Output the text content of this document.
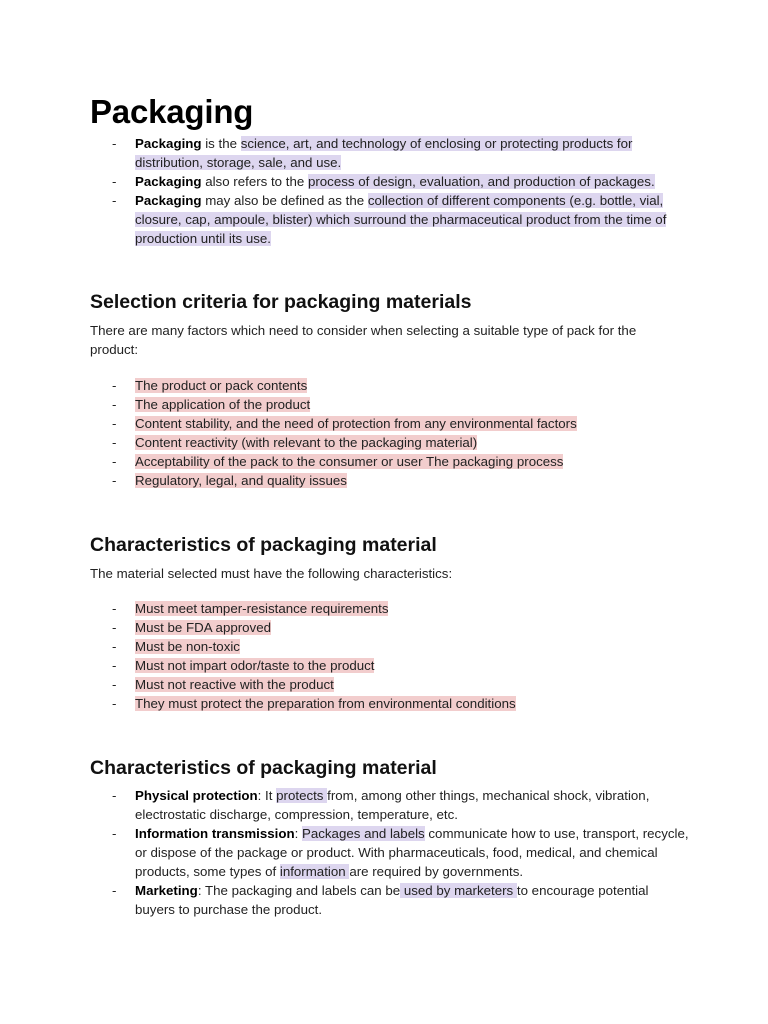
Packaging
- Packaging is the science, art, and technology of enclosing or protecting products for distribution, storage, sale, and use.
- Packaging also refers to the process of design, evaluation, and production of packages.
- Packaging may also be defined as the collection of different components (e.g. bottle, vial, closure, cap, ampoule, blister) which surround the pharmaceutical product from the time of production until its use.
Selection criteria for packaging materials

There are many factors which need to consider when selecting a suitable type of pack for the product:

- The product or pack contents
- The application of the product
- Content stability, and the need of protection from any environmental factors
- Content reactivity (with relevant to the packaging material)
- Acceptability of the pack to the consumer or user The packaging process
- Regulatory, legal, and quality issues
Characteristics of packaging material

The material selected must have the following characteristics:

- Must meet tamper-resistance requirements
- Must be FDA approved
- Must be non-toxic
- Must not impart odor/taste to the product
- Must not reactive with the product
- They must protect the preparation from environmental conditions
Characteristics of packaging material
- Physical protection: It protects from, among other things, mechanical shock, vibration, electrostatic discharge, compression, temperature, etc.
- Information transmission: Packages and labels communicate how to use, transport, recycle, or dispose of the package or product. With pharmaceuticals, food, medical, and chemical products, some types of information are required by governments.
- Marketing: The packaging and labels can be used by marketers to encourage potential buyers to purchase the product.
